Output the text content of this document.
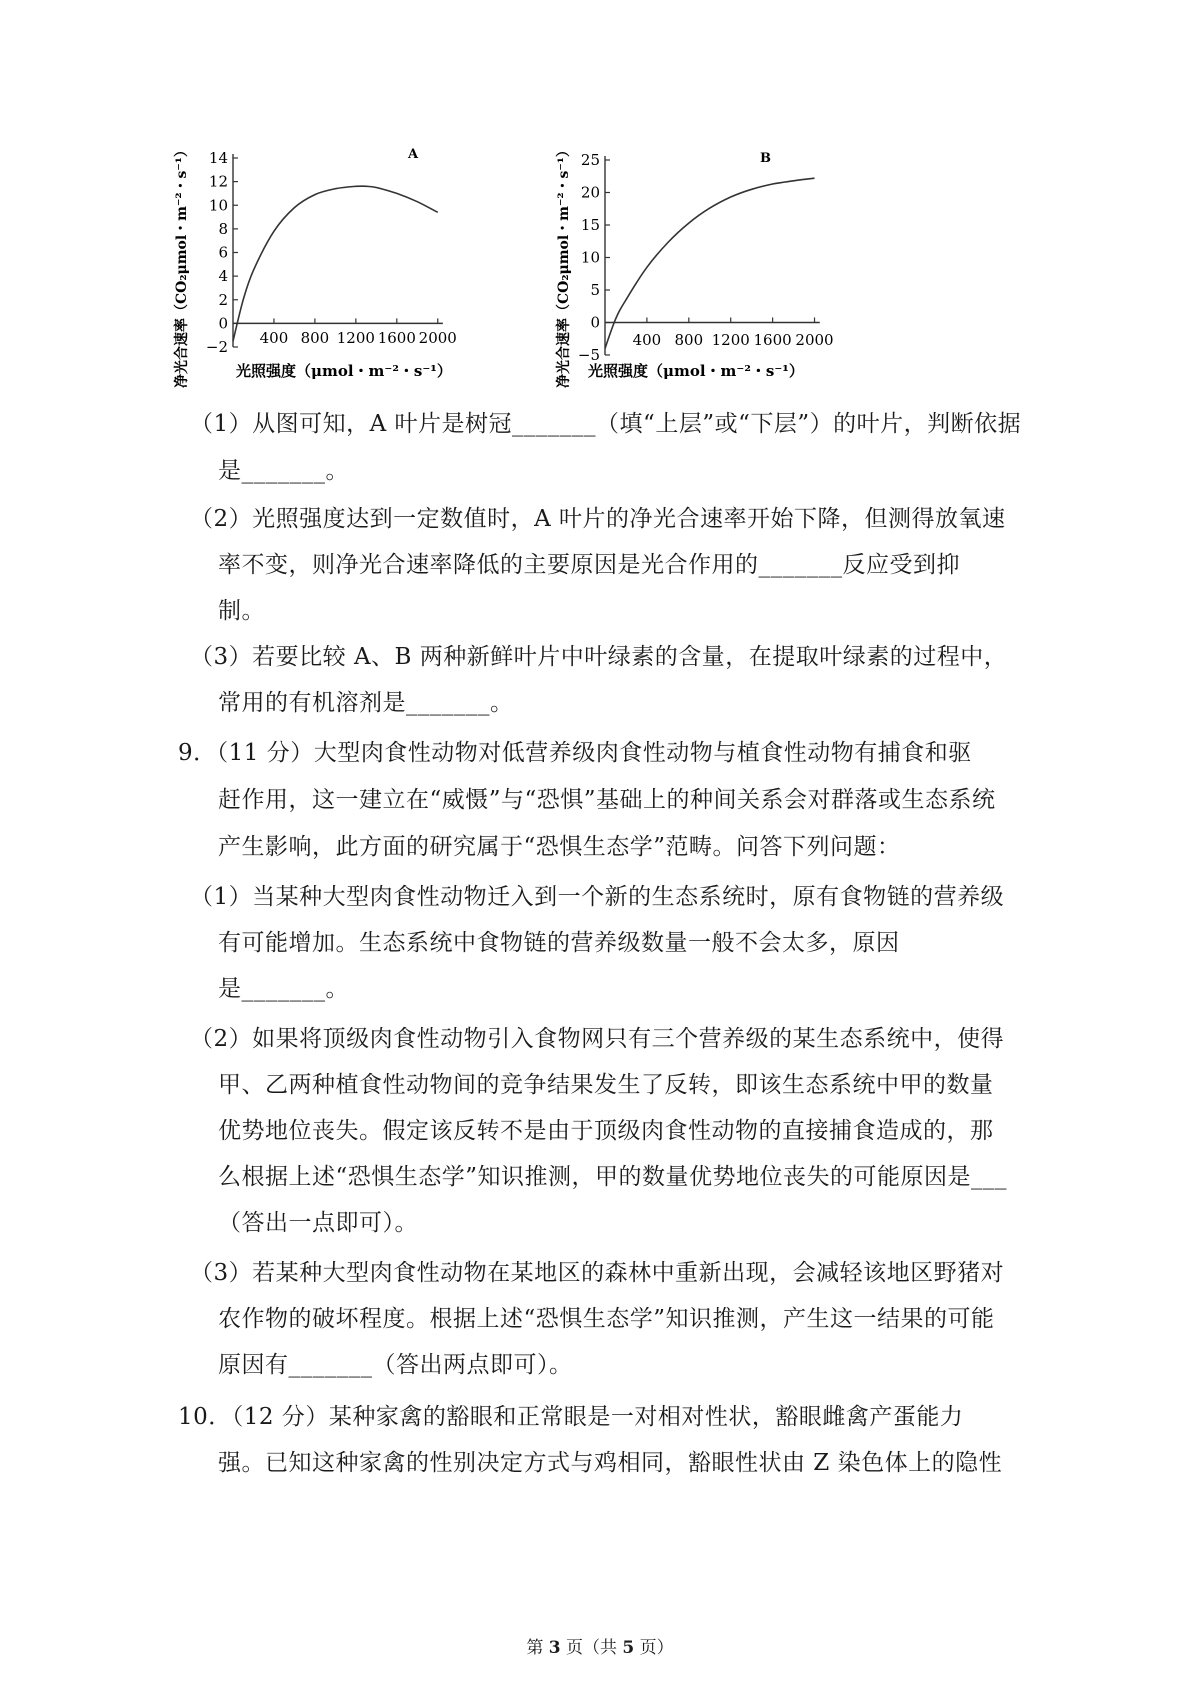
净光合速率（CO₂μmol・m⁻²・s⁻¹） 14
12
10
8
6
4
2
0
−2 400 800 1200 1600 2000
A
光照强度（μmol・m⁻²・s⁻¹）	净光合速率（CO₂μmol・m⁻²・s⁻¹） 25
20
15
10
5
0
−5
400 800 1200 1600 2000
B
光照强度（μmol・m⁻²・s⁻¹）
（1）从图可知，A 叶片是树冠_______（填“上层”或“下层”）的叶片，判断依据
是_______。
（2）光照强度达到一定数值时，A 叶片的净光合速率开始下降，但测得放氧速
率不变，则净光合速率降低的主要原因是光合作用的_______反应受到抑
制。
（3）若要比较 A、B 两种新鲜叶片中叶绿素的含量，在提取叶绿素的过程中，
常用的有机溶剂是_______。
9．（11 分）大型肉食性动物对低营养级肉食性动物与植食性动物有捕食和驱
赶作用，这一建立在“威慑”与“恐惧”基础上的种间关系会对群落或生态系统
产生影响，此方面的研究属于“恐惧生态学”范畴。问答下列问题：
（1）当某种大型肉食性动物迁入到一个新的生态系统时，原有食物链的营养级
有可能增加。生态系统中食物链的营养级数量一般不会太多，原因
是_______。
（2）如果将顶级肉食性动物引入食物网只有三个营养级的某生态系统中，使得
甲、乙两种植食性动物间的竞争结果发生了反转，即该生态系统中甲的数量
优势地位丧失。假定该反转不是由于顶级肉食性动物的直接捕食造成的，那
么根据上述“恐惧生态学”知识推测，甲的数量优势地位丧失的可能原因是___
（答出一点即可）。
（3）若某种大型肉食性动物在某地区的森林中重新出现，会减轻该地区野猪对
农作物的破坏程度。根据上述“恐惧生态学”知识推测，产生这一结果的可能
原因有_______（答出两点即可）。
10．（12 分）某种家禽的豁眼和正常眼是一对相对性状，豁眼雌禽产蛋能力
强。已知这种家禽的性别决定方式与鸡相同，豁眼性状由 Z 染色体上的隐性
第 3 页（共 5 页）
